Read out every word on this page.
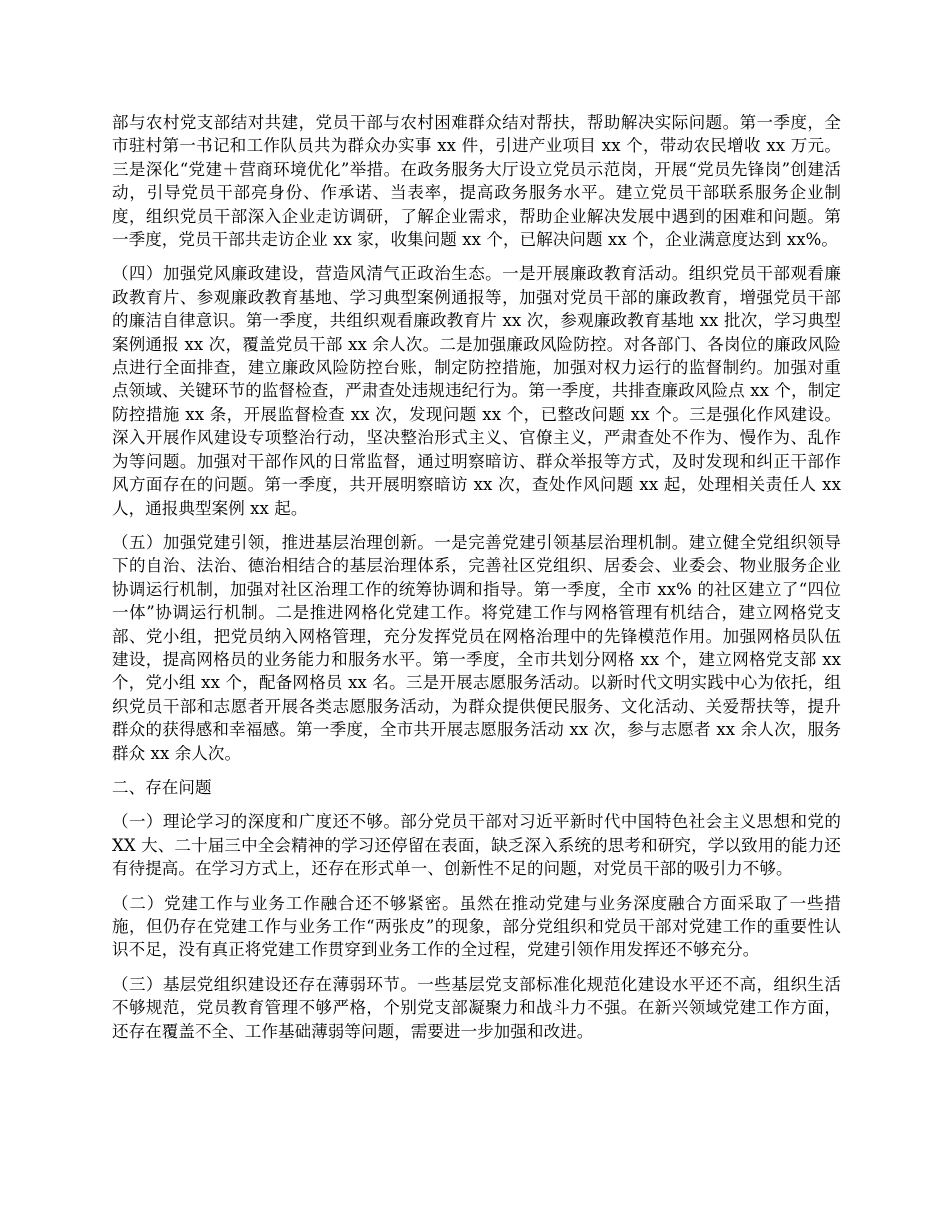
部与农村党支部结对共建，党员干部与农村困难群众结对帮扶，帮助解决实际问题。第一季度，全市驻村第一书记和工作队员共为群众办实事 xx 件，引进产业项目 xx 个，带动农民增收 xx 万元。三是深化“党建＋营商环境优化”举措。在政务服务大厅设立党员示范岗，开展“党员先锋岗”创建活动，引导党员干部亮身份、作承诺、当表率，提高政务服务水平。建立党员干部联系服务企业制度，组织党员干部深入企业走访调研，了解企业需求，帮助企业解决发展中遇到的困难和问题。第一季度，党员干部共走访企业 xx 家，收集问题 xx 个，已解决问题 xx 个，企业满意度达到 xx%。

（四）加强党风廉政建设，营造风清气正政治生态。一是开展廉政教育活动。组织党员干部观看廉政教育片、参观廉政教育基地、学习典型案例通报等，加强对党员干部的廉政教育，增强党员干部的廉洁自律意识。第一季度，共组织观看廉政教育片 xx 次，参观廉政教育基地 xx 批次，学习典型案例通报 xx 次，覆盖党员干部 xx 余人次。二是加强廉政风险防控。对各部门、各岗位的廉政风险点进行全面排查，建立廉政风险防控台账，制定防控措施，加强对权力运行的监督制约。加强对重点领域、关键环节的监督检查，严肃查处违规违纪行为。第一季度，共排查廉政风险点 xx 个，制定防控措施 xx 条，开展监督检查 xx 次，发现问题 xx 个，已整改问题 xx 个。三是强化作风建设。深入开展作风建设专项整治行动，坚决整治形式主义、官僚主义，严肃查处不作为、慢作为、乱作为等问题。加强对干部作风的日常监督，通过明察暗访、群众举报等方式，及时发现和纠正干部作风方面存在的问题。第一季度，共开展明察暗访 xx 次，查处作风问题 xx 起，处理相关责任人 xx 人，通报典型案例 xx 起。

（五）加强党建引领，推进基层治理创新。一是完善党建引领基层治理机制。建立健全党组织领导下的自治、法治、德治相结合的基层治理体系，完善社区党组织、居委会、业委会、物业服务企业协调运行机制，加强对社区治理工作的统筹协调和指导。第一季度，全市 xx% 的社区建立了“四位一体”协调运行机制。二是推进网格化党建工作。将党建工作与网格管理有机结合，建立网格党支部、党小组，把党员纳入网格管理，充分发挥党员在网格治理中的先锋模范作用。加强网格员队伍建设，提高网格员的业务能力和服务水平。第一季度，全市共划分网格 xx 个，建立网格党支部 xx 个，党小组 xx 个，配备网格员 xx 名。三是开展志愿服务活动。以新时代文明实践中心为依托，组织党员干部和志愿者开展各类志愿服务活动，为群众提供便民服务、文化活动、关爱帮扶等，提升群众的获得感和幸福感。第一季度，全市共开展志愿服务活动 xx 次，参与志愿者 xx 余人次，服务群众 xx 余人次。

二、存在问题

（一）理论学习的深度和广度还不够。部分党员干部对习近平新时代中国特色社会主义思想和党的 XX 大、二十届三中全会精神的学习还停留在表面，缺乏深入系统的思考和研究，学以致用的能力还有待提高。在学习方式上，还存在形式单一、创新性不足的问题，对党员干部的吸引力不够。

（二）党建工作与业务工作融合还不够紧密。虽然在推动党建与业务深度融合方面采取了一些措施，但仍存在党建工作与业务工作“两张皮”的现象，部分党组织和党员干部对党建工作的重要性认识不足，没有真正将党建工作贯穿到业务工作的全过程，党建引领作用发挥还不够充分。

（三）基层党组织建设还存在薄弱环节。一些基层党支部标准化规范化建设水平还不高，组织生活不够规范，党员教育管理不够严格，个别党支部凝聚力和战斗力不强。在新兴领域党建工作方面，还存在覆盖不全、工作基础薄弱等问题，需要进一步加强和改进。
